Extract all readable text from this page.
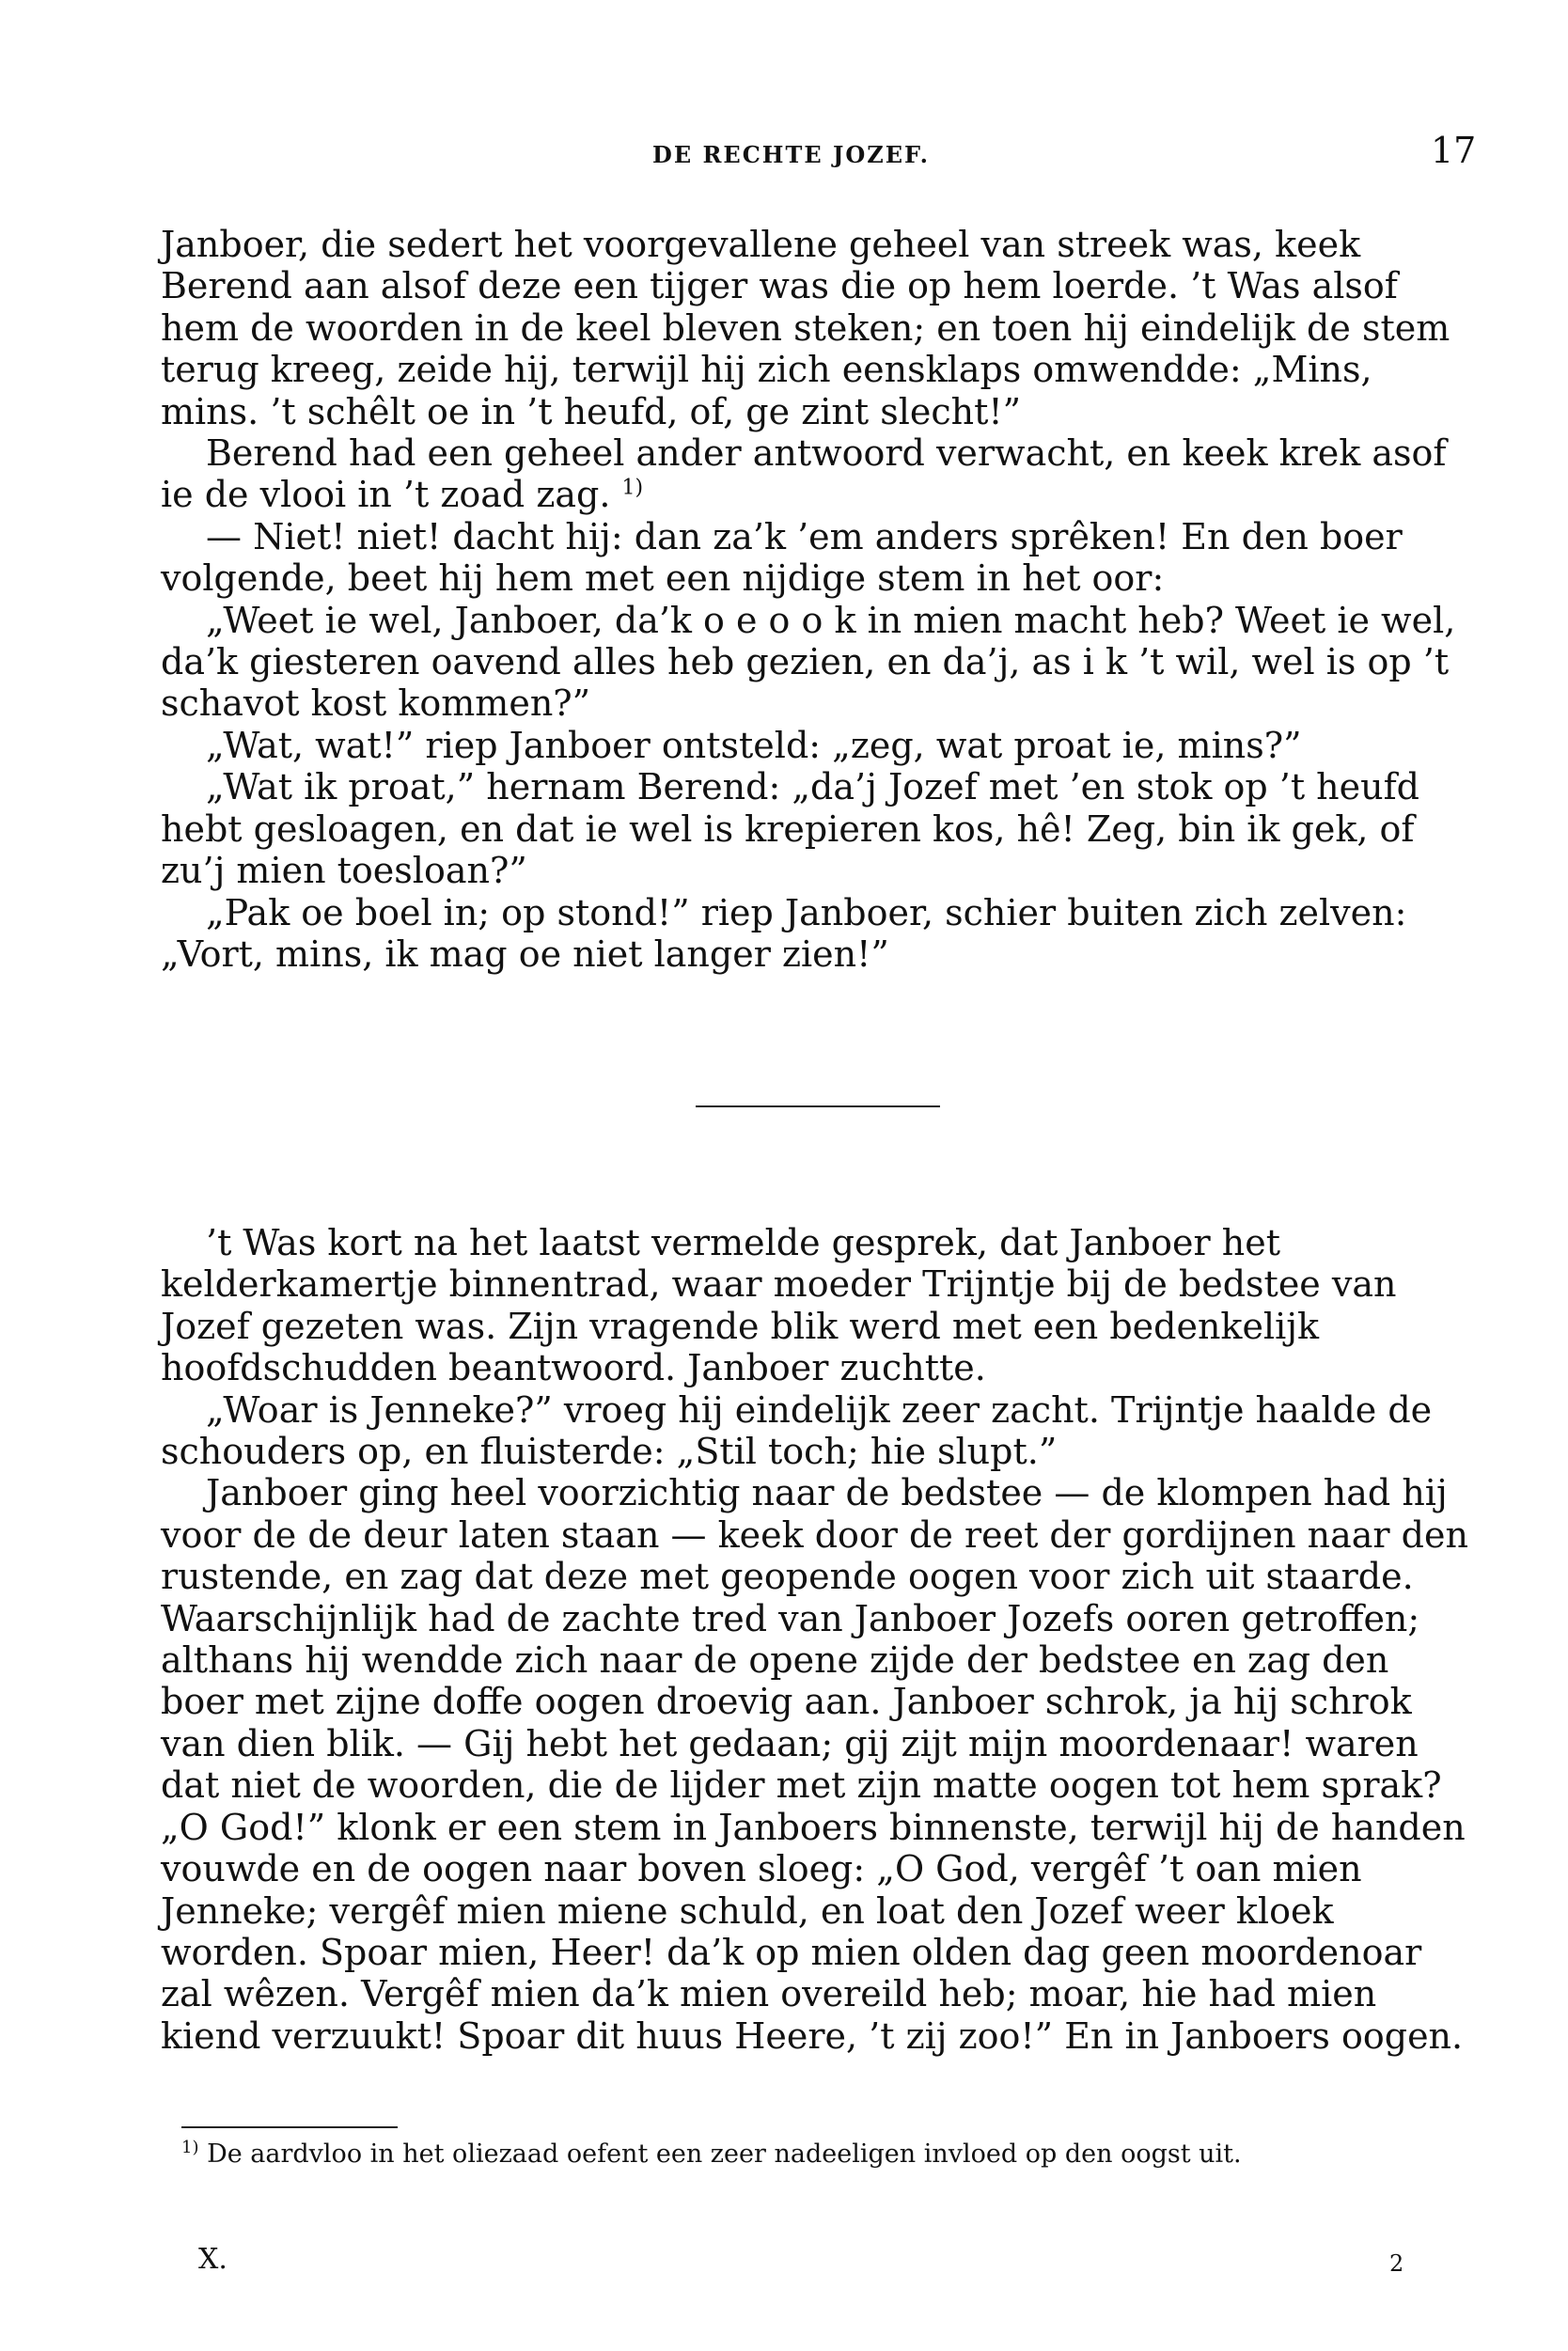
DE RECHTE JOZEF.	17

Janboer, die sedert het voorgevallene geheel van streek was, keek Berend aan alsof deze een tijger was die op hem loerde. ’t Was alsof hem de woorden in de keel bleven steken; en toen hij eindelijk de stem terug kreeg, zeide hij, terwijl hij zich eensklaps omwendde: „Mins, mins. ’t schêlt oe in ’t heufd, of, ge zint slecht!”

Berend had een geheel ander antwoord verwacht, en keek krek asof ie de vlooi in ’t zoad zag. $^{1)}$

— Niet! niet! dacht hij: dan za’k ’em anders sprêken! En den boer volgende, beet hij hem met een nijdige stem in het oor:

„Weet ie wel, Janboer, da’k o e o o k in mien macht heb? Weet ie wel, da’k giesteren oavend alles heb gezien, en da’j, as i k ’t wil, wel is op ’t schavot kost kommen?”

„Wat, wat!” riep Janboer ontsteld: „zeg, wat proat ie, mins?”

„Wat ik proat,” hernam Berend: „da’j Jozef met ’en stok op ’t heufd hebt gesloagen, en dat ie wel is krepieren kos, hê! Zeg, bin ik gek, of zu’j mien toesloan?”

„Pak oe boel in; op stond!” riep Janboer, schier buiten zich zelven: „Vort, mins, ik mag oe niet langer zien!”

’t Was kort na het laatst vermelde gesprek, dat Janboer het kelderkamertje binnentrad, waar moeder Trijntje bij de bedstee van Jozef gezeten was. Zijn vragende blik werd met een bedenkelijk hoofdschudden beantwoord. Janboer zuchtte.

„Woar is Jenneke?” vroeg hij eindelijk zeer zacht. Trijntje haalde de schouders op, en fluisterde: „Stil toch; hie slupt.”

Janboer ging heel voorzichtig naar de bedstee — de klompen had hij voor de de deur laten staan — keek door de reet der gordijnen naar den rustende, en zag dat deze met geopende oogen voor zich uit staarde. Waarschijnlijk had de zachte tred van Janboer Jozefs ooren getroffen; althans hij wendde zich naar de opene zijde der bedstee en zag den boer met zijne doffe oogen droevig aan. Janboer schrok, ja hij schrok van dien blik. — Gij hebt het gedaan; gij zijt mijn moordenaar! waren dat niet de woorden, die de lijder met zijn matte oogen tot hem sprak? „O God!” klonk er een stem in Janboers binnenste, terwijl hij de handen vouwde en de oogen naar boven sloeg: „O God, vergêf ’t oan mien Jenneke; vergêf mien miene schuld, en loat den Jozef weer kloek worden. Spoar mien, Heer! da’k op mien olden dag geen moordenoar zal wêzen. Vergêf mien da’k mien overeild heb; moar, hie had mien kiend verzuukt! Spoar dit huus Heere, ’t zij zoo!” En in Janboers oogen.

$^{1)}$ De aardvloo in het oliezaad oefent een zeer nadeeligen invloed op den oogst uit.
X.	2
